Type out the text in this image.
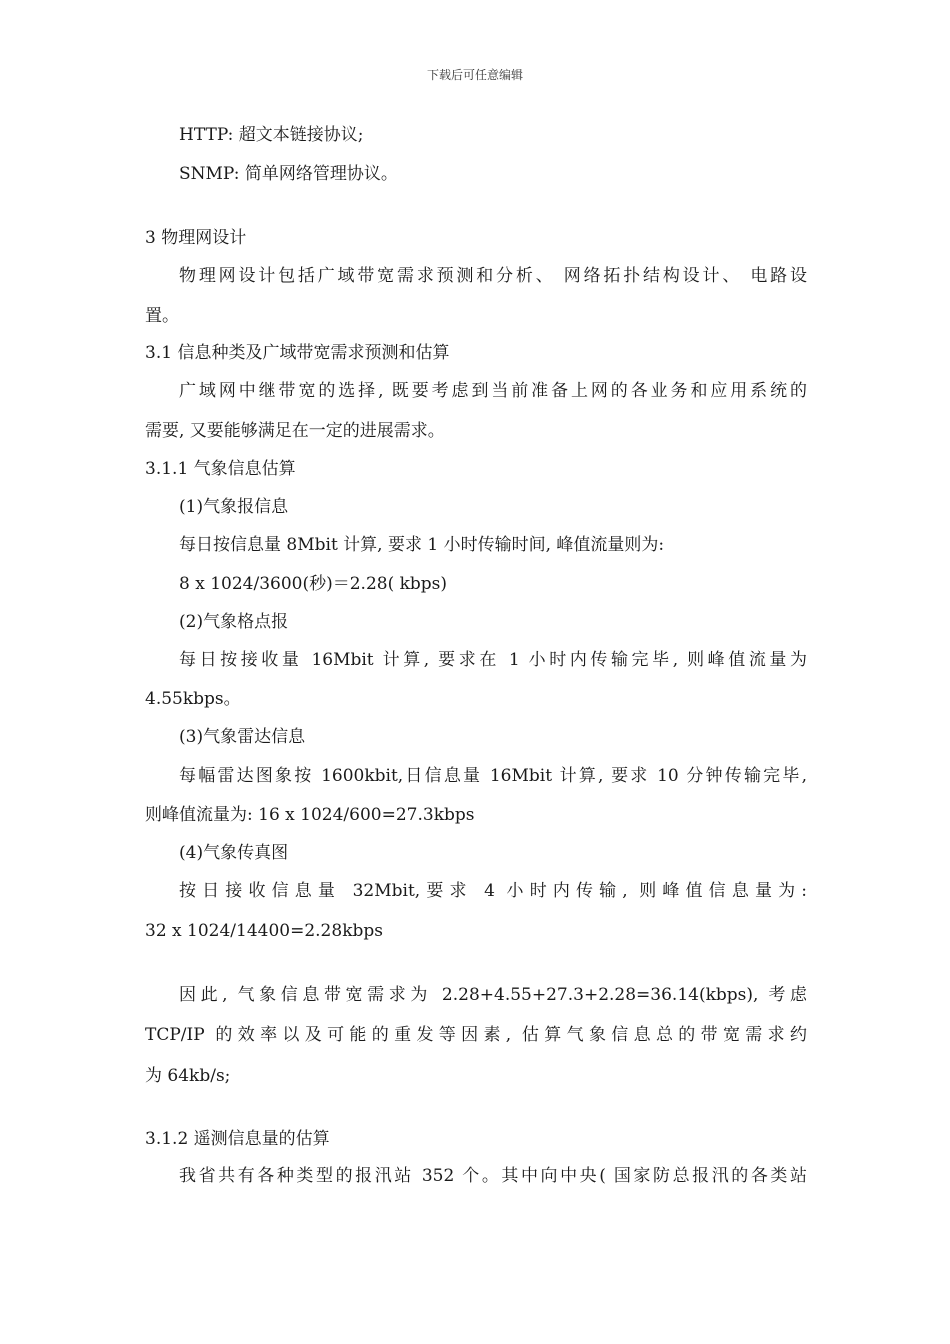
下载后可任意编辑
HTTP: 超文本链接协议;
SNMP: 简单网络管理协议。
3 物理网设计
物理网设计包括广域带宽需求预测和分析、 网络拓扑结构设计、 电路设
置。
3.1 信息种类及广域带宽需求预测和估算
广域网中继带宽的选择, 既要考虑到当前准备上网的各业务和应用系统的
需要, 又要能够满足在一定的进展需求。
3.1.1 气象信息估算
(1)气象报信息
每日按信息量 8Mbit 计算, 要求 1 小时传输时间, 峰值流量则为:
8 x 1024/3600(秒)＝2.28( kbps)
(2)气象格点报
每日按接收量 16Mbit 计算, 要求在 1 小时内传输完毕, 则峰值流量为
4.55kbps。
(3)气象雷达信息
每幅雷达图象按 1600kbit,日信息量 16Mbit 计算, 要求 10 分钟传输完毕,
则峰值流量为: 16 x 1024/600=27.3kbps
(4)气象传真图
按日接收信息量 32Mbit,要求 4 小时内传输, 则峰值信息量为:
32 x 1024/14400=2.28kbps
因此, 气象信息带宽需求为 2.28+4.55+27.3+2.28=36.14(kbps), 考虑
TCP/IP 的效率以及可能的重发等因素, 估算气象信息总的带宽需求约
为 64kb/s;
3.1.2 遥测信息量的估算
我省共有各种类型的报汛站 352 个。其中向中央( 国家防总报汛的各类站
